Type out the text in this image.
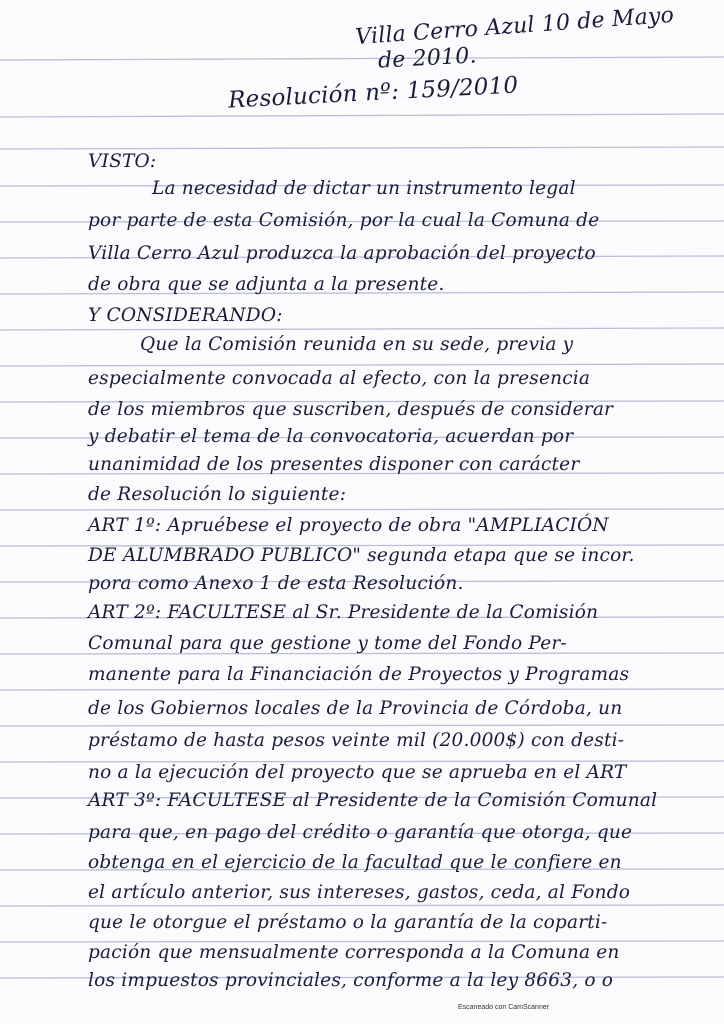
Villa Cerro Azul 10 de Mayo
de 2010.
Resolución nº: 159/2010
VISTO:
La necesidad de dictar un instrumento legal
por parte de esta Comisión, por la cual la Comuna de
Villa Cerro Azul produzca la aprobación del proyecto
de obra que se adjunta a la presente.
Y CONSIDERANDO:
Que la Comisión reunida en su sede, previa y
especialmente convocada al efecto, con la presencia
de los miembros que suscriben, después de considerar
y debatir el tema de la convocatoria, acuerdan por
unanimidad de los presentes disponer con carácter
de Resolución lo siguiente:
ART 1º: Apruébese el proyecto de obra "AMPLIACIÓN
DE ALUMBRADO PUBLICO" segunda etapa que se incor.
pora como Anexo 1 de esta Resolución.
ART 2º: FACULTESE al Sr. Presidente de la Comisión
Comunal para que gestione y tome del Fondo Per-
manente para la Financiación de Proyectos y Programas
de los Gobiernos locales de la Provincia de Córdoba, un
préstamo de hasta pesos veinte mil (20.000$) con desti-
no a la ejecución del proyecto que se aprueba en el ART
ART 3º: FACULTESE al Presidente de la Comisión Comunal
para que, en pago del crédito o garantía que otorga, que
obtenga en el ejercicio de la facultad que le confiere en
el artículo anterior, sus intereses, gastos, ceda, al Fondo
que le otorgue el préstamo o la garantía de la coparti-
pación que mensualmente corresponda a la Comuna en
los impuestos provinciales, conforme a la ley 8663, o o
Escaneado con CamScanner
